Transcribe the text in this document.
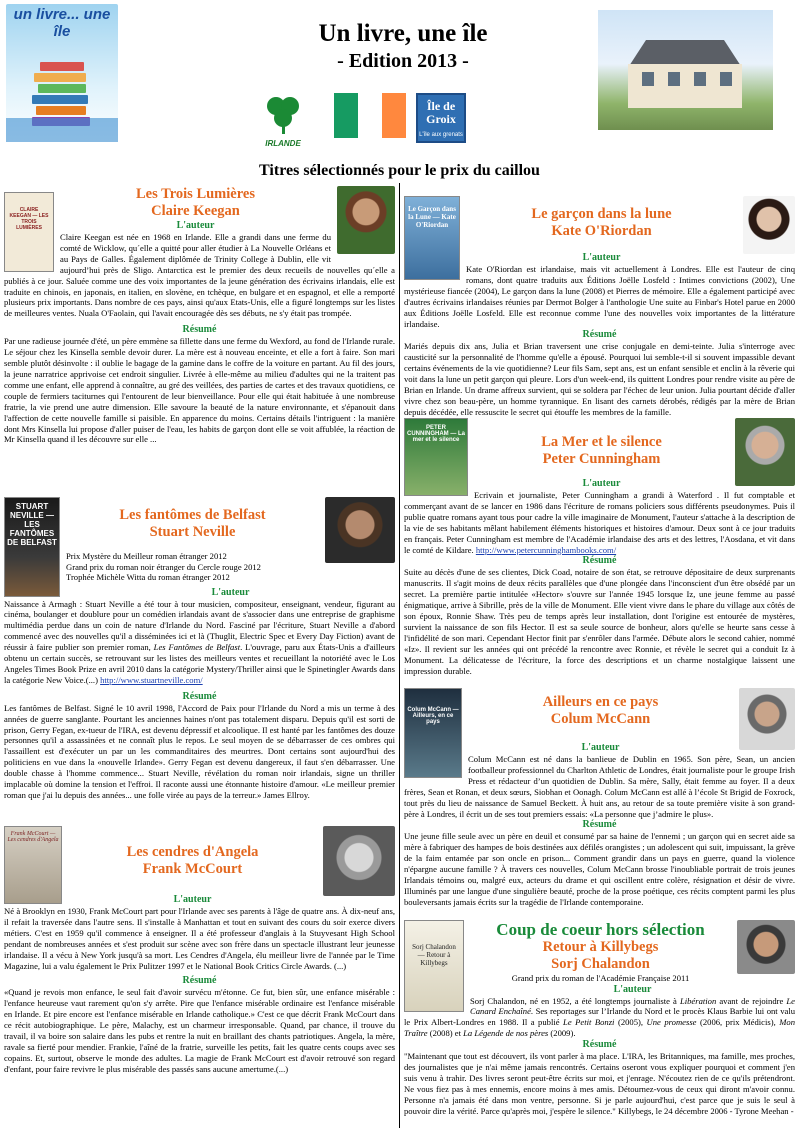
un livre... une île	Un livre, une île
- Edition 2013 -
IRLANDE
Île de Groix
L'île aux grenats
Titres sélectionnés pour le prix du caillou
CLAIRE KEEGAN — LES TROIS LUMIÈRES
Les Trois Lumières
Claire Keegan
L'auteur

Claire Keegan est née en 1968 en Irlande. Elle a grandi dans une ferme du comté de Wicklow, qu´elle a quitté pour aller étudier à La Nouvelle Orléans et au Pays de Galles. Également diplômée de Trinity College à Dublin, elle vit aujourd’hui près de Sligo. Antarctica est le premier des deux recueils de nouvelles qu´elle a publiés à ce jour. Saluée comme une des voix importantes de la jeune génération des écrivains irlandais, elle est traduite en chinois, en japonais, en italien, en slovène, en tchèque, en bulgare et en espagnol, et elle a remporté plusieurs prix importants. Dans nombre de ces pays, ainsi qu'aux Etats-Unis, elle a figuré longtemps sur les listes de meilleures ventes. Nuala O'Faolain, qui l'avait encouragée dès ses débuts, ne s'y était pas trompée.

Résumé

Par une radieuse journée d'été, un père emmène sa fillette dans une ferme du Wexford, au fond de l'Irlande rurale. Le séjour chez les Kinsella semble devoir durer. La mère est à nouveau enceinte, et elle a fort à faire. Son mari semble plutôt désinvolte : il oublie le bagage de la gamine dans le coffre de la voiture en partant. Au fil des jours, la jeune narratrice apprivoise cet endroit singulier. Livrée à elle-même au milieu d'adultes qui ne la traitent pas comme une enfant, elle apprend à connaître, au gré des veillées, des parties de cartes et des travaux quotidiens, ce couple de fermiers taciturnes qui l'entourent de leur bienveillance. Pour elle qui était habituée à une nombreuse fratrie, la vie prend une autre dimension. Elle savoure la beauté de la nature environnante, et s'épanouit dans l'affection de cette nouvelle famille si paisible. En apparence du moins. Certains détails l'intriguent : la manière dont Mrs Kinsella lui propose d'aller puiser de l'eau, les habits de garçon dont elle se voit affublée, la réaction de Mr Kinsella quand il les découvre sur elle ...

STUART NEVILLE — LES FANTÔMES DE BELFAST
Les fantômes de Belfast
Stuart Neville
Prix Mystère du Meilleur roman étranger 2012
Grand prix du roman noir étranger du Cercle rouge 2012
Trophée Michèle Witta du roman étranger 2012
L'auteur

Naissance à Armagh : Stuart Neville a été tour à tour musicien, compositeur, enseignant, vendeur, figurant au cinéma, boulanger et doublure pour un comédien irlandais avant de s'associer dans une entreprise de graphisme multimédia perdue dans un coin de nature d'Irlande du Nord. Fasciné par l'écriture, Stuart Neville a d'abord commencé avec des nouvelles qu'il a disséminées ici et là (Thuglit, Electric Spec et Every Day Fiction) avant de réussir à faire publier son premier roman, Les Fantômes de Belfast. L'ouvrage, paru aux États-Unis a d'ailleurs obtenu un certain succès, se retrouvant sur les listes des meilleurs ventes et recueillant la notoriété avec le Los Angeles Times Book Prize en avril 2010 dans la catégorie Mystery/Thriller ainsi que le Spinetingler Awards dans la catégorie New Voice.(...) http://www.stuartneville.com/

Résumé

Les fantômes de Belfast. Signé le 10 avril 1998, l'Accord de Paix pour l'Irlande du Nord a mis un terme à des années de guerre sanglante. Pourtant les anciennes haines n'ont pas totalement disparu. Depuis qu'il est sorti de prison, Gerry Fegan, ex-tueur de l'IRA, est devenu dépressif et alcoolique. Il est hanté par les fantômes des douze personnes qu'il a assassinées et ne connaît plus le repos. Le seul moyen de se débarrasser de ces ombres qui l'assaillent est d'exécuter un par un les commanditaires des meurtres. Dont certains sont aujourd'hui des politiciens en vue dans la «nouvelle Irlande». Gerry Fegan est devenu dangereux, il faut s'en débarrasser. Une double chasse à l'homme commence... Stuart Neville, révélation du roman noir irlandais, signe un thriller implacable où domine la tension et l'effroi. Il raconte aussi une étonnante histoire d'amour. «Le meilleur premier roman que j'ai lu depuis des années... une folle virée au pays de la terreur.» James Ellroy.

Frank McCourt — Les cendres d'Angela
Les cendres d'Angela
Frank McCourt
L'auteur

Né à Brooklyn en 1930, Frank McCourt part pour l'Irlande avec ses parents à l'âge de quatre ans. À dix-neuf ans, il refait la traversée dans l'autre sens. Il s'installe à Manhattan et tout en suivant des cours du soir exerce divers métiers. C'est en 1959 qu'il commence à enseigner. Il a été professeur d'anglais à la Stuyvesant High School pendant de nombreuses années et s'est produit sur scène avec son frère dans un spectacle illustrant leur jeunesse irlandaise. Il a vécu à New York jusqu'à sa mort. Les Cendres d'Angela, élu meilleur livre de l'année par le Time Magazine, lui a valu également le Prix Pulitzer 1997 et le National Book Critics Circle Awards. (...)

Résumé

«Quand je revois mon enfance, le seul fait d'avoir survécu m'étonne. Ce fut, bien sûr, une enfance misérable : l'enfance heureuse vaut rarement qu'on s'y arrête. Pire que l'enfance misérable ordinaire est l'enfance misérable en Irlande. Et pire encore est l'enfance misérable en Irlande catholique.» C'est ce que décrit Frank McCourt dans ce récit autobiographique. Le père, Malachy, est un charmeur irresponsable. Quand, par chance, il trouve du travail, il va boire son salaire dans les pubs et rentre la nuit en braillant des chants patriotiques. Angela, la mère, ravale sa fierté pour mendier. Frankie, l'aîné de la fratrie, surveille les petits, fait les quatre cents coups avec ses copains. Et, surtout, observe le monde des adultes. La magie de Frank McCourt est d'avoir retrouvé son regard d'enfant, pour faire revivre le plus misérable des passés sans aucune amertume.(...)

Le Garçon dans la Lune — Kate O'Riordan
Le garçon dans la lune
Kate O'Riordan
L'auteur

Kate O'Riordan est irlandaise, mais vit actuellement à Londres. Elle est l'auteur de cinq romans, dont quatre traduits aux Éditions Joëlle Losfeld : Intimes convictions (2002), Une mystérieuse fiancée (2004), Le garçon dans la lune (2008) et Pierres de mémoire. Elle a également participé avec d'autres écrivains irlandaises réunies par Dermot Bolger à l'anthologie Une suite au Finbar's Hotel parue en 2000 aux Éditions Joëlle Losfeld. Elle est reconnue comme l'une des nouvelles voix importantes de la littérature irlandaise.

Résumé

Mariés depuis dix ans, Julia et Brian traversent une crise conjugale en demi-teinte. Julia s'interroge avec causticité sur la personnalité de l'homme qu'elle a épousé. Pourquoi lui semble-t-il si souvent impassible devant certains événements de la vie quotidienne? Leur fils Sam, sept ans, est un enfant sensible et enclin à la rêverie qui voit dans la lune un petit garçon qui pleure. Lors d'un week-end, ils quittent Londres pour rendre visite au père de Brian en Irlande. Un drame affreux survient, qui se soldera par l'échec de leur union. Julia pourtant décide d'aller vivre chez son beau-père, un homme tyrannique. En lisant des carnets dérobés, rédigés par la mère de Brian depuis décédée, elle ressuscite le secret qui étouffe les membres de la famille.

PETER CUNNINGHAM — La mer et le silence	La Mer et le silence
Peter Cunningham
L'auteur

Ecrivain et journaliste, Peter Cunningham a grandi à Waterford . Il fut comptable et commerçant avant de se lancer en 1986 dans l'écriture de romans policiers sous différents pseudonymes. Puis il publie quatre romans ayant tous pour cadre la ville imaginaire de Monument, l'auteur s'attache à la description de la vie de ses habitants mêlant habilement éléments historiques et histoires d'amour. Deux sont à ce jour traduits en français. Peter Cunningham est membre de l'Académie irlandaise des arts et des lettres, l'Aosdana, et vit dans le comté de Kildare. http://www.petercunninghambooks.com/

Résumé

Suite au décès d'une de ses clientes, Dick Coad, notaire de son état, se retrouve dépositaire de deux surprenants manuscrits. Il s'agit moins de deux récits parallèles que d'une plongée dans l'inconscient d'un être obsédé par un secret. La première partie intitulée «Hector» s'ouvre sur l'année 1945 lorsque Iz, une jeune femme au passé énigmatique, arrive à Sibrille, près de la ville de Monument. Elle vient vivre dans le phare du village aux côtés de son époux, Ronnie Shaw. Très peu de temps après leur installation, dont l'origine est entourée de mystères, survient la naissance de son fils Hector. Il est sa seule source de bonheur, alors qu'elle se heurte sans cesse à l'infidélité de son mari. Cependant Hector finit par s'enrôler dans l'armée. Débute alors le second cahier, nommé «Iz». Il revient sur les années qui ont précédé la rencontre avec Ronnie, et révèle le secret qui a conduit Iz à Monument. La délicatesse de l'écriture, la force des descriptions et un charme nostalgique laissent une impression durable.

Colum McCann — Ailleurs, en ce pays
Ailleurs en ce pays
Colum McCann
L'auteur

Colum McCann est né dans la banlieue de Dublin en 1965. Son père, Sean, un ancien footballeur professionnel du Charlton Athletic de Londres, était journaliste pour le groupe Irish Press et rédacteur d’un quotidien de Dublin. Sa mère, Sally, était femme au foyer. Il a deux frères, Sean et Ronan, et deux sœurs, Siobhan et Oonagh. Colum McCann est allé à l’école St Brigid de Foxrock, tout près du lieu de naissance de Samuel Beckett. À huit ans, au retour de sa toute première visite à son grand-père à Londres, il écrit un de ses tout premiers essais: «La personne que j’admire le plus».

Résumé

Une jeune fille seule avec un père en deuil et consumé par sa haine de l'ennemi ; un garçon qui en secret aide sa mère à fabriquer des hampes de bois destinées aux défilés orangistes ; un adolescent qui suit, impuissant, la grève de la faim entamée par son oncle en prison... Comment grandir dans un pays en guerre, quand la violence n'épargne aucune famille ? À travers ces nouvelles, Colum McCann brosse l'inoubliable portrait de trois jeunes Irlandais témoins ou, malgré eux, acteurs du drame et qui oscillent entre colère, résignation et désir de vivre. Illuminés par une langue d'une singulière beauté, proche de la prose poétique, ces récits comptent parmi les plus bouleversants jamais écrits sur la tragédie de l'Irlande contemporaine.

Sorj Chalandon — Retour à Killybegs
Coup de coeur hors sélection
Retour à Killybegs
Sorj Chalandon
Grand prix du roman de l'Académie Française 2011
L'auteur

Sorj Chalandon, né en 1952, a été longtemps journaliste à Libération avant de rejoindre Le Canard Enchaîné. Ses reportages sur l’Irlande du Nord et le procès Klaus Barbie lui ont valu le Prix Albert-Londres en 1988. Il a publié Le Petit Bonzi (2005), Une promesse (2006, prix Médicis), Mon Traître (2008) et La Légende de nos pères (2009).

Résumé

"Maintenant que tout est découvert, ils vont parler à ma place. L'IRA, les Britanniques, ma famille, mes proches, des journalistes que je n'ai même jamais rencontrés. Certains oseront vous expliquer pourquoi et comment j'en suis venu à trahir. Des livres seront peut-être écrits sur moi, et j'enrage. N'écoutez rien de ce qu'ils prétendront. Ne vous fiez pas à mes ennemis, encore moins à mes amis. Détournez-vous de ceux qui diront m'avoir connu. Personne n'a jamais été dans mon ventre, personne. Si je parle aujourd'hui, c'est parce que je suis le seul à pouvoir dire la vérité. Parce qu'après moi, j'espère le silence." Killybegs, le 24 décembre 2006 - Tyrone Meehan -
